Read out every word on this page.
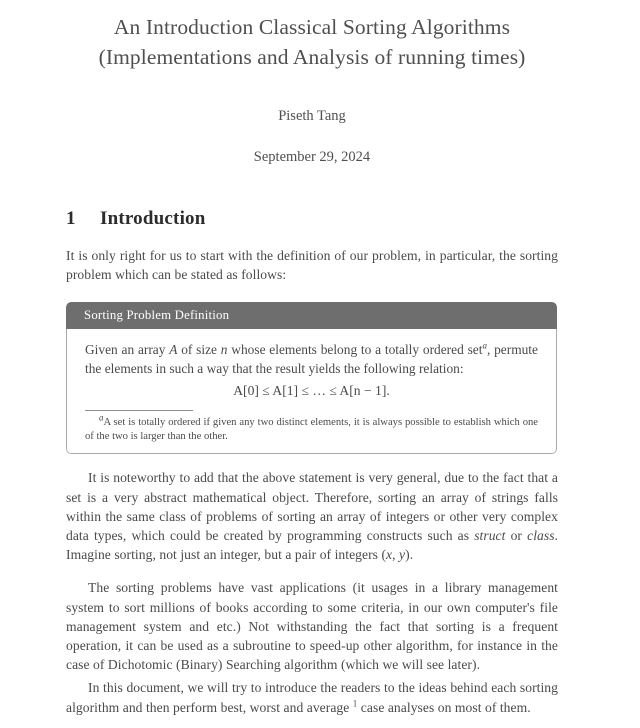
An Introduction Classical Sorting Algorithms
(Implementations and Analysis of running times)
Piseth Tang
September 29, 2024
1 Introduction

It is only right for us to start with the definition of our problem, in particular, the sorting problem which can be stated as follows:

Sorting Problem Definition

Given an array A of size n whose elements belong to a totally ordered set$^a$, permute the elements in such a way that the result yields the following relation:

A[0] ≤ A[1] ≤ … ≤ A[n − 1].
$^a$A set is totally ordered if given any two distinct elements, it is always possible to establish which one of the two is larger than the other.

It is noteworthy to add that the above statement is very general, due to the fact that a set is a very abstract mathematical object. Therefore, sorting an array of strings falls within the same class of problems of sorting an array of integers or other very complex data types, which could be created by programming constructs such as struct or class. Imagine sorting, not just an integer, but a pair of integers (x, y).

The sorting problems have vast applications (it usages in a library management system to sort millions of books according to some criteria, in our own computer's file management system and etc.) Not withstanding the fact that sorting is a frequent operation, it can be used as a subroutine to speed-up other algorithm, for instance in the case of Dichotomic (Binary) Searching algorithm (which we will see later).

In this document, we will try to introduce the readers to the ideas behind each sorting algorithm and then perform best, worst and average $^1$ case analyses on most of them.
